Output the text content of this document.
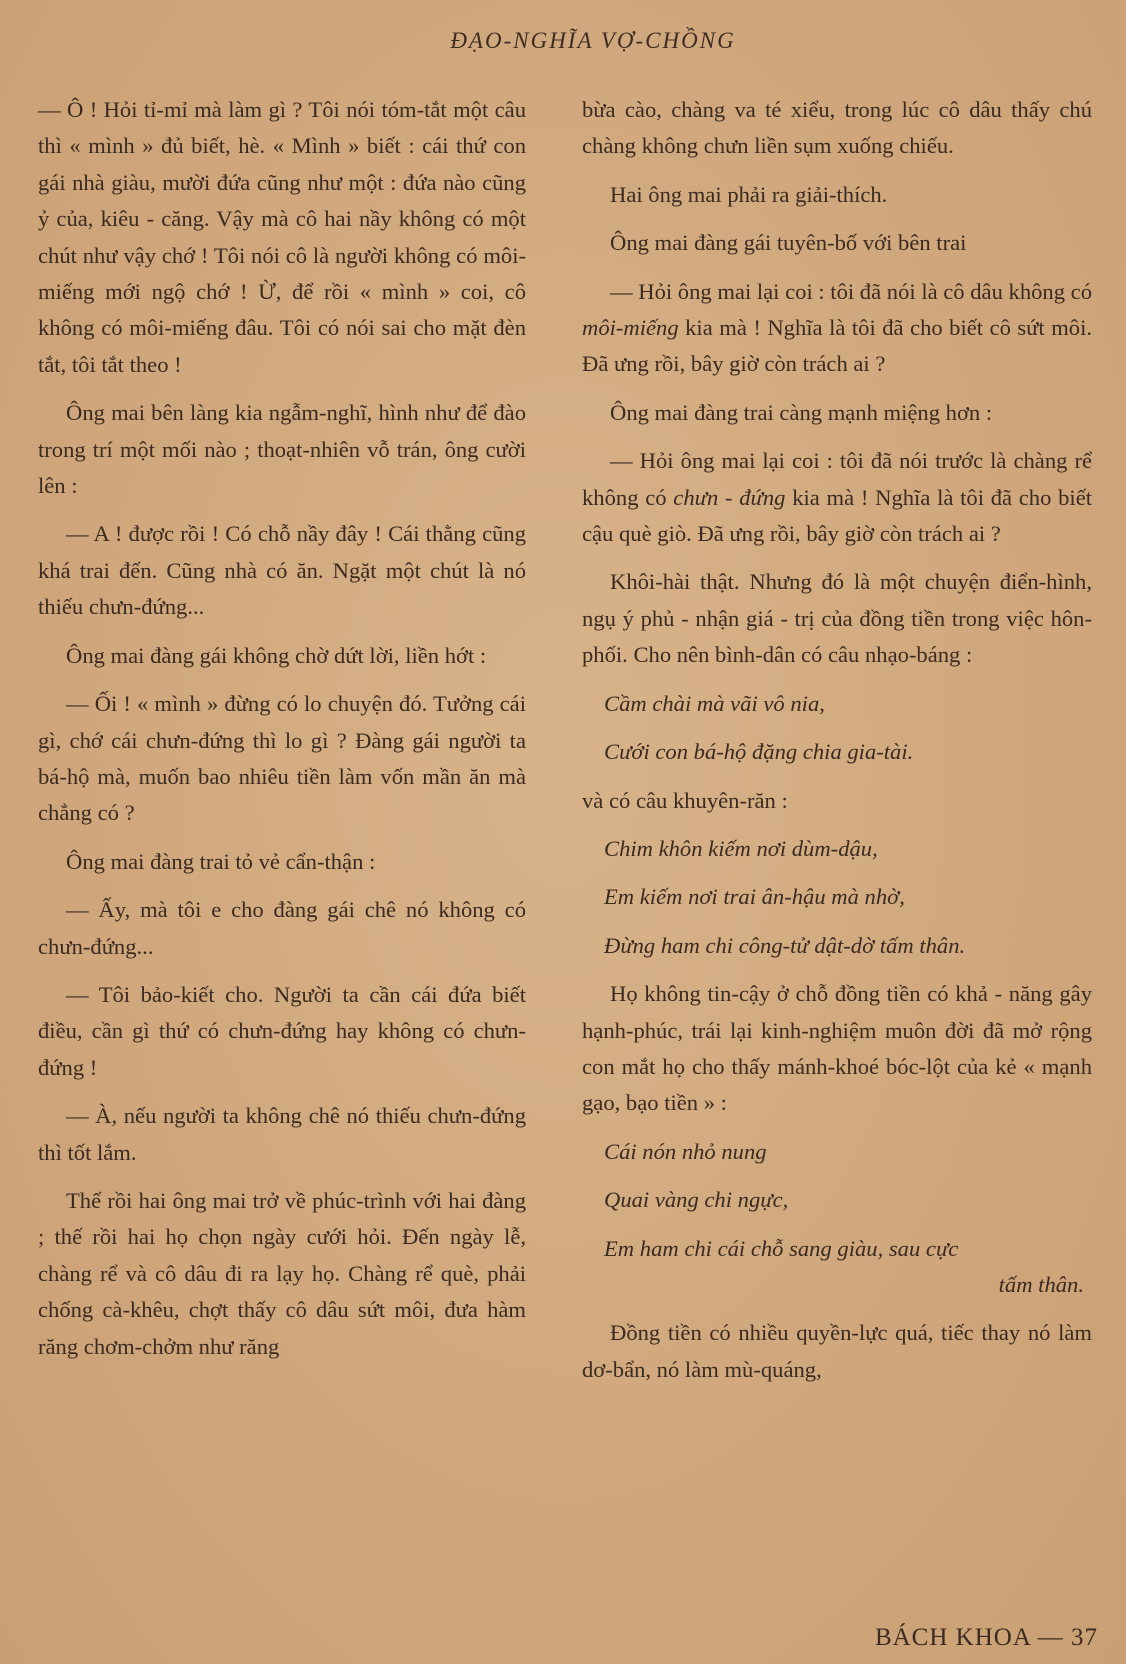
ĐẠO-NGHĨA VỢ-CHỒNG

— Ô ! Hỏi tỉ-mỉ mà làm gì ? Tôi nói tóm-tắt một câu thì « mình » đủ biết, hè. « Mình » biết : cái thứ con gái nhà giàu, mười đứa cũng như một : đứa nào cũng ỷ của, kiêu - căng. Vậy mà cô hai nầy không có một chút như vậy chớ ! Tôi nói cô là người không có môi-miếng mới ngộ chớ ! Ừ, để rồi « mình » coi, cô không có môi-miếng đâu. Tôi có nói sai cho mặt đèn tắt, tôi tắt theo !

Ông mai bên làng kia ngẫm-nghĩ, hình như để đào trong trí một mối nào ; thoạt-nhiên vỗ trán, ông cười lên :

— A ! được rồi ! Có chỗ nầy đây ! Cái thằng cũng khá trai đến. Cũng nhà có ăn. Ngặt một chút là nó thiếu chưn-đứng...

Ông mai đàng gái không chờ dứt lời, liền hớt :

— Ối ! « mình » đừng có lo chuyện đó. Tưởng cái gì, chớ cái chưn-đứng thì lo gì ? Đàng gái người ta bá-hộ mà, muốn bao nhiêu tiền làm vốn mần ăn mà chẳng có ?

Ông mai đàng trai tỏ vẻ cẩn-thận :

— Ấy, mà tôi e cho đàng gái chê nó không có chưn-đứng...

— Tôi bảo-kiết cho. Người ta cần cái đứa biết điều, cần gì thứ có chưn-đứng hay không có chưn-đứng !

— À, nếu người ta không chê nó thiếu chưn-đứng thì tốt lắm.

Thế rồi hai ông mai trở về phúc-trình với hai đàng ; thế rồi hai họ chọn ngày cưới hỏi. Đến ngày lễ, chàng rể và cô dâu đi ra lạy họ. Chàng rể què, phải chống cà-khêu, chợt thấy cô dâu sứt môi, đưa hàm răng chơm-chởm như răng

bừa cào, chàng va té xiểu, trong lúc cô dâu thấy chú chàng không chưn liền sụm xuống chiếu.

Hai ông mai phải ra giải-thích.

Ông mai đàng gái tuyên-bố với bên trai

— Hỏi ông mai lại coi : tôi đã nói là cô dâu không có môi-miếng kia mà ! Nghĩa là tôi đã cho biết cô sứt môi. Đã ưng rồi, bây giờ còn trách ai ?

Ông mai đàng trai càng mạnh miệng hơn :

— Hỏi ông mai lại coi : tôi đã nói trước là chàng rể không có chưn - đứng kia mà ! Nghĩa là tôi đã cho biết cậu què giò. Đã ưng rồi, bây giờ còn trách ai ?

Khôi-hài thật. Nhưng đó là một chuyện điển-hình, ngụ ý phủ - nhận giá - trị của đồng tiền trong việc hôn-phối. Cho nên bình-dân có câu nhạo-báng :

Cầm chài mà vãi vô nia,

Cưới con bá-hộ đặng chia gia-tài.

và có câu khuyên-răn :

Chim khôn kiếm nơi dùm-dậu,

Em kiếm nơi trai ân-hậu mà nhờ,

Đừng ham chi công-tử dật-dờ tấm thân.

Họ không tin-cậy ở chỗ đồng tiền có khả - năng gây hạnh-phúc, trái lại kinh-nghiệm muôn đời đã mở rộng con mắt họ cho thấy mánh-khoé bóc-lột của kẻ « mạnh gạo, bạo tiền » :

Cái nón nhỏ nung

Quai vàng chi ngực,

Em ham chi cái chỗ sang giàu, sau cực

tấm thân.

Đồng tiền có nhiều quyền-lực quá, tiếc thay nó làm dơ-bẩn, nó làm mù-quáng,

BÁCH KHOA — 37
